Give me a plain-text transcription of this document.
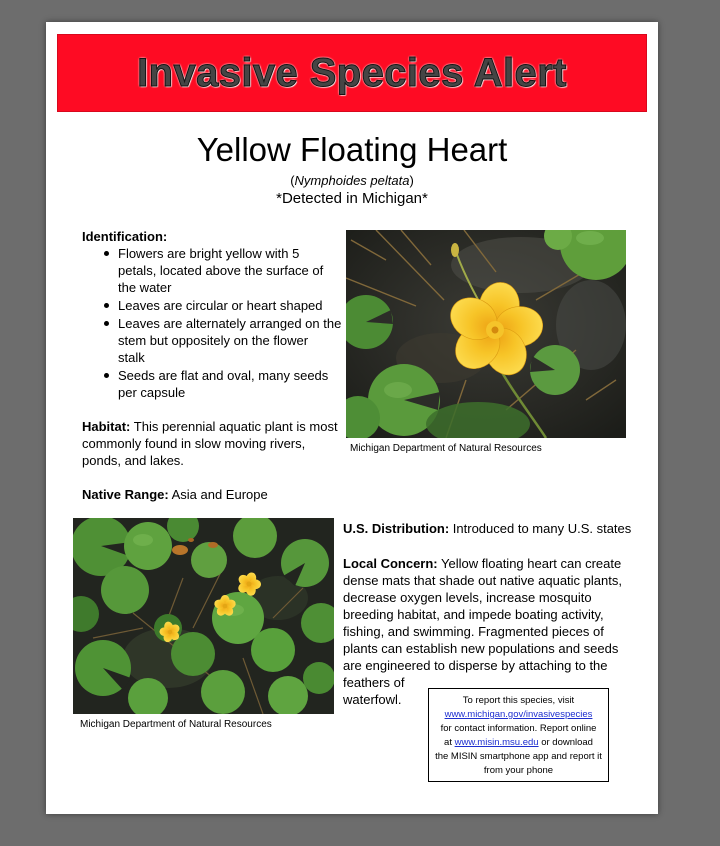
Invasive Species Alert
Yellow Floating Heart
(Nymphoides peltata)
*Detected in Michigan*
Identification:
Flowers are bright yellow with 5
petals, located above the surface of
the water
Leaves are circular or heart shaped
Leaves are alternately arranged on the
stem but oppositely on the flower
stalk
Seeds are flat and oval, many seeds
per capsule
Habitat: This perennial aquatic plant is most
commonly found in slow moving rivers,
ponds, and lakes.
Native Range: Asia and Europe
Michigan Department of Natural Resources
Michigan Department of Natural Resources
U.S. Distribution: Introduced to many U.S. states
Local Concern: Yellow floating heart can create
dense mats that shade out native aquatic plants,
decrease oxygen levels, increase mosquito
breeding habitat, and impede boating activity,
fishing, and swimming. Fragmented pieces of
plants can establish new populations and seeds
are engineered to disperse by attaching to the
feathers of
waterfowl.	To report this species, visit
www.michigan.gov/invasivespecies
for contact information. Report online
at www.misin.msu.edu or download
the MISIN smartphone app and report it
from your phone
